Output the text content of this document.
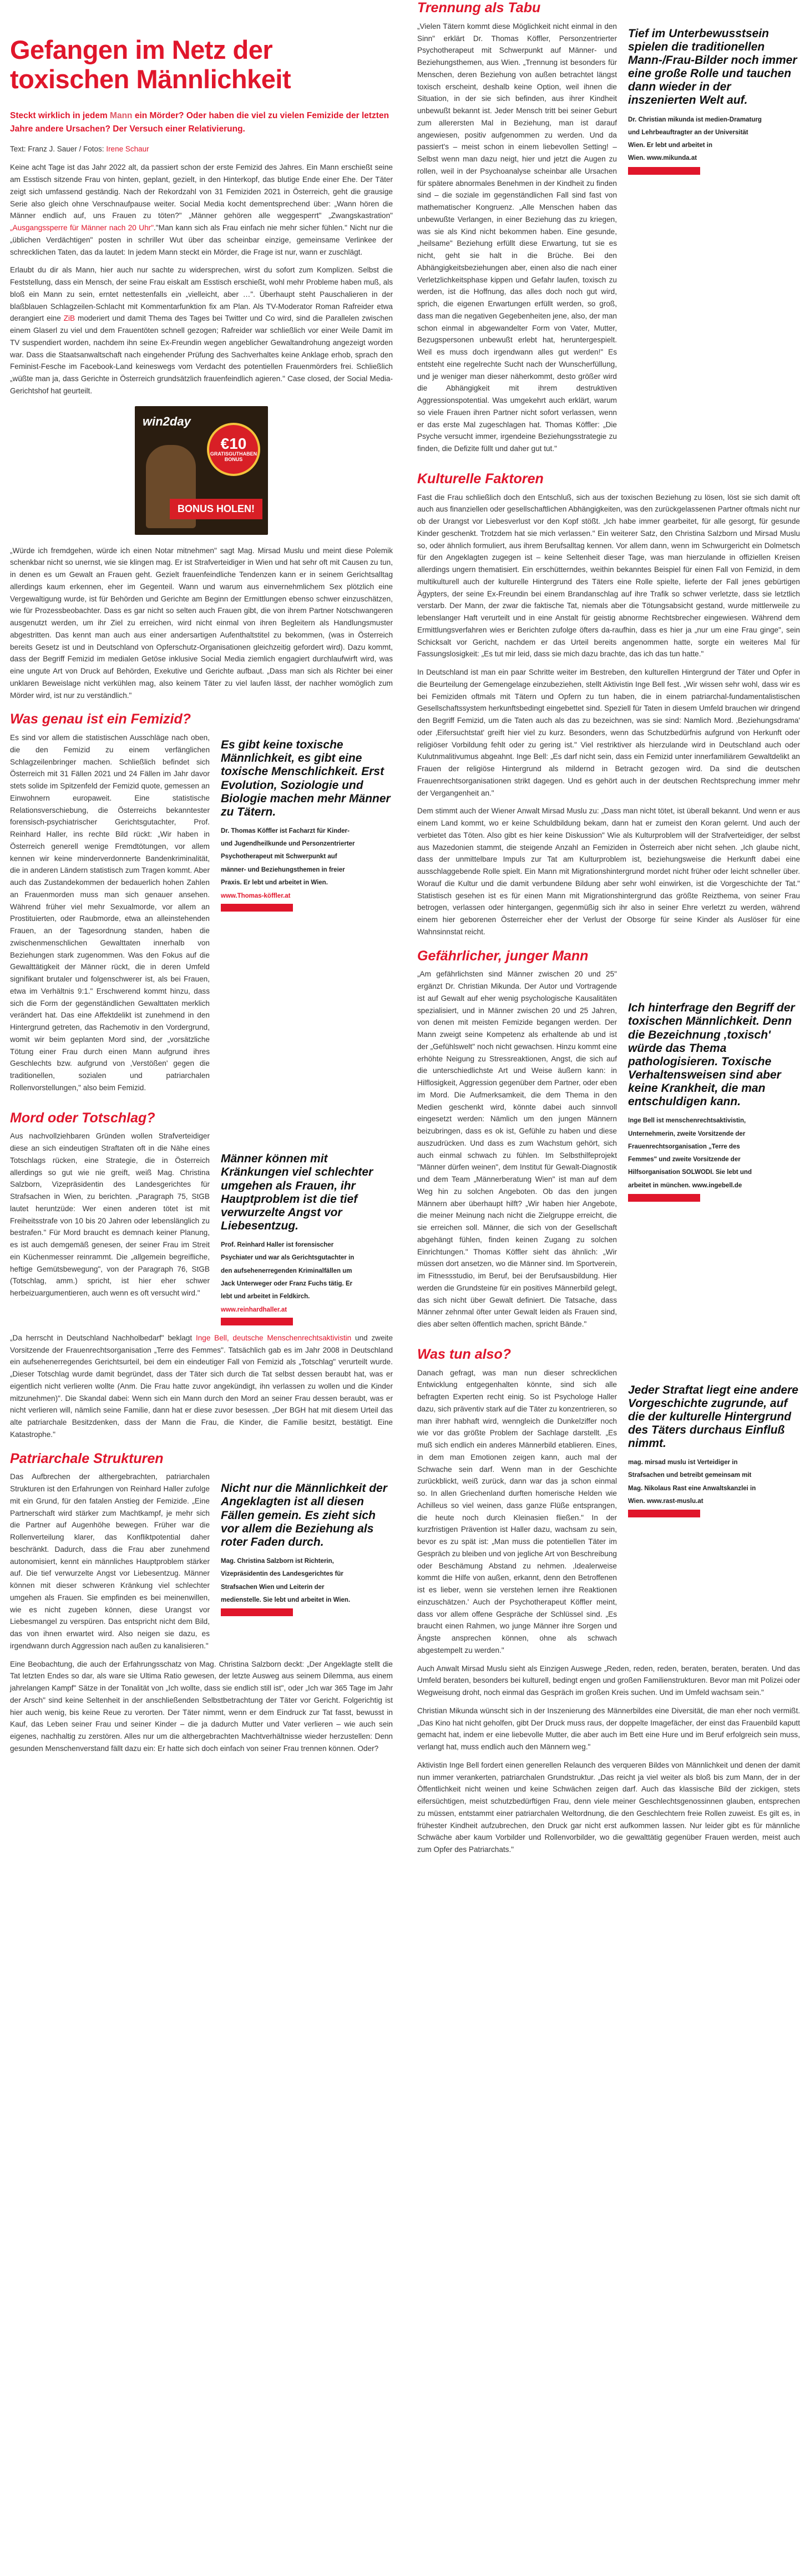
Gefangen im Netz der toxischen Männlichkeit
Steckt wirklich in jedem Mann ein Mörder? Oder haben die viel zu vielen Femizide der letzten Jahre andere Ursachen? Der Versuch einer Relativierung.
Text: Franz J. Sauer / Fotos: Irene Schaur

Keine acht Tage ist das Jahr 2022 alt, da passiert schon der erste Femizid des Jahres. Ein Mann erschießt seine am Esstisch sitzende Frau von hinten, geplant, gezielt, in den Hinterkopf, das blutige Ende einer Ehe. Der Täter zeigt sich umfassend geständig. Nach der Rekordzahl von 31 Femiziden 2021 in Österreich, geht die grausige Serie also gleich ohne Verschnaufpause weiter. Social Media kocht dementsprechend über: „Wann hören die Männer endlich auf, uns Frauen zu töten?" „Männer gehören alle weggesperrt" „Zwangskastration" „Ausgangssperre für Männer nach 20 Uhr"."Man kann sich als Frau einfach nie mehr sicher fühlen." Nicht nur die „üblichen Verdächtigen" posten in schriller Wut über das scheinbar einzige, gemeinsame Verlinkee der schrecklichen Taten, das da lautet: In jedem Mann steckt ein Mörder, die Frage ist nur, wann er zuschlägt.

Erlaubt du dir als Mann, hier auch nur sachte zu widersprechen, wirst du sofort zum Komplizen. Selbst die Feststellung, dass ein Mensch, der seine Frau eiskalt am Esstisch erschießt, wohl mehr Probleme haben muß, als bloß ein Mann zu sein, erntet nettestenfalls ein „vielleicht, aber …". Überhaupt steht Pauschalieren in der blaßblauen Schlagzeilen-Schlacht mit Kommentarfunktion fix am Plan. Als TV-Moderator Roman Rafreider etwa derangiert eine ZiB moderiert und damit Thema des Tages bei Twitter und Co wird, sind die Parallelen zwischen einem Glaserl zu viel und dem Frauentöten schnell gezogen; Rafreider war schließlich vor einer Weile Damit im TV suspendiert worden, nachdem ihn seine Ex-Freundin wegen angeblicher Gewaltandrohung angezeigt worden war. Dass die Staatsanwaltschaft nach eingehender Prüfung des Sachverhaltes keine Anklage erhob, sprach den Feminist-Fesche im Facebook-Land keineswegs vom Verdacht des potentiellen Frauenmörders frei. Schließlich „wüßte man ja, dass Gerichte in Österreich grundsätzlich frauenfeindlich agieren." Case closed, der Social Media-Gerichtshof hat geurteilt.

win2day
€10
GRATISGUTHABEN BONUS
BONUS HOLEN!

„Würde ich fremdgehen, würde ich einen Notar mitnehmen" sagt Mag. Mirsad Muslu und meint diese Polemik schenkbar nicht so unernst, wie sie klingen mag. Er ist Strafverteidiger in Wien und hat sehr oft mit Causen zu tun, in denen es um Gewalt an Frauen geht. Gezielt frauenfeindliche Tendenzen kann er in seinem Gerichtsalltag allerdings kaum erkennen, eher im Gegenteil. Wann und warum aus einvernehmlichem Sex plötzlich eine Vergewaltigung wurde, ist für Behörden und Gerichte am Beginn der Ermittlungen ebenso schwer einzuschätzen, wie für Prozessbeobachter. Dass es gar nicht so selten auch Frauen gibt, die von ihrem Partner Notschwangeren ausgenutzt werden, um ihr Ziel zu erreichen, wird nicht einmal von ihren Begleitern als Handlungsmuster abgestritten. Das kennt man auch aus einer andersartigen Aufenthaltstitel zu bekommen, (was in Österreich bereits Gesetz ist und in Deutschland von Opferschutz-Organisationen gleichzeitig gefordert wird). Dazu kommt, dass der Begriff Femizid im medialen Getöse inklusive Social Media ziemlich engagiert durchlaufwirft wird, was eine ungute Art von Druck auf Behörden, Exekutive und Gerichte aufbaut. „Dass man sich als Richter bei einer unklaren Beweislage nicht verkühlen mag, also keinem Täter zu viel laufen lässt, der nachher womöglich zum Mörder wird, ist nur zu verständlich."

Was genau ist ein Femizid?

Es sind vor allem die statistischen Ausschläge nach oben, die den Femizid zu einem verfänglichen Schlagzeilenbringer machen. Schließlich befindet sich Österreich mit 31 Fällen 2021 und 24 Fällen im Jahr davor stets solide im Spitzenfeld der Femizid quote, gemessen an Einwohnern europaweit. Eine statistische Relationsverschiebung, die Österreichs bekanntester forensisch-psychiatrischer Gerichtsgutachter, Prof. Reinhard Haller, ins rechte Bild rückt: „Wir haben in Österreich generell wenige Fremdtötungen, vor allem kennen wir keine minderverdonnerte Bandenkriminalität, die in anderen Ländern statistisch zum Tragen kommt. Aber auch das Zustandekommen der bedauerlich hohen Zahlen an Frauenmorden muss man sich genauer ansehen. Während früher viel mehr Sexualmorde, vor allem an Prostituierten, oder Raubmorde, etwa an alleinstehenden Frauen, an der Tagesordnung standen, haben die zwischenmenschlichen Gewalttaten innerhalb von Beziehungen stark zugenommen. Was den Fokus auf die Gewalttätigkeit der Männer rückt, die in deren Umfeld signifikant brutaler und folgenschwerer ist, als bei Frauen, etwa im Verhältnis 9:1." Erschwerend kommt hinzu, dass sich die Form der gegenständlichen Gewalttaten merklich verändert hat. Das eine Affektdelikt ist zunehmend in den Hintergrund getreten, das Rachemotiv in den Vordergrund, womit wir beim geplanten Mord sind, der „vorsätzliche Tötung einer Frau durch einen Mann aufgrund ihres Geschlechts bzw. aufgrund von ‚Verstößen' gegen die traditionellen, sozialen und patriarchalen Rollenvorstellungen," also beim Femizid.

Es gibt keine toxische Männlichkeit, es gibt eine toxische Menschlichkeit. Erst Evolution, Soziologie und Biologie machen mehr Männer zu Tätern.
Dr. Thomas Köffler ist Facharzt für Kinder-
und Jugendheilkunde und Personzentrierter
Psychotherapeut mit Schwerpunkt auf
männer- und Beziehungsthemen in freier
Praxis. Er lebt und arbeitet in Wien.
www.Thomas-köffler.at
Mord oder Totschlag?

Aus nachvollziehbaren Gründen wollen Strafverteidiger diese an sich eindeutigen Straftaten oft in die Nähe eines Totschlags rücken, eine Strategie, die in Österreich allerdings so gut wie nie greift, weiß Mag. Christina Salzborn, Vizepräsidentin des Landesgerichtes für Strafsachen in Wien, zu berichten. „Paragraph 75, StGB lautet heruntzüde: Wer einen anderen tötet ist mit Freiheitsstrafe von 10 bis 20 Jahren oder lebenslänglich zu bestrafen." Für Mord braucht es demnach keiner Planung, es ist auch demgemäß genesen, der seiner Frau im Streit ein Küchenmesser reinrammt. Die „allgemein begreifliche, heftige Gemütsbewegung", von der Paragraph 76, StGB (Totschlag, amm.) spricht, ist hier eher schwer herbeizuargumentieren, auch wenn es oft versucht wird."

Männer können mit Kränkungen viel schlechter umgehen als Frauen, ihr Hauptproblem ist die tief verwurzelte Angst vor Liebesentzug.
Prof. Reinhard Haller ist forensischer
Psychiater und war als Gerichtsgutachter in
den aufsehenerregenden Kriminalfällen um
Jack Unterweger oder Franz Fuchs tätig. Er
lebt und arbeitet in Feldkirch.
www.reinhardhaller.at

„Da herrscht in Deutschland Nachholbedarf" beklagt Inge Bell, deutsche Menschenrechtsaktivistin und zweite Vorsitzende der Frauenrechtsorganisation „Terre des Femmes". Tatsächlich gab es im Jahr 2008 in Deutschland ein aufsehenerregendes Gerichtsurteil, bei dem ein eindeutiger Fall von Femizid als „Totschlag" verurteilt wurde. „Dieser Totschlag wurde damit begründet, dass der Täter sich durch die Tat selbst dessen beraubt hat, was er eigentlich nicht verlieren wollte (Anm. Die Frau hatte zuvor angekündigt, ihn verlassen zu wollen und die Kinder mitzunehmen)". Die Skandal dabei: Wenn sich ein Mann durch den Mord an seiner Frau dessen beraubt, was er nicht verlieren will, nämlich seine Familie, dann hat er diese zuvor besessen. „Der BGH hat mit diesem Urteil das alte patriarchale Besitzdenken, dass der Mann die Frau, die Kinder, die Familie besitzt, bestätigt. Eine Katastrophe."

Patriarchale Strukturen

Das Aufbrechen der althergebrachten, patriarchalen Strukturen ist den Erfahrungen von Reinhard Haller zufolge mit ein Grund, für den fatalen Anstieg der Femizide. „Eine Partnerschaft wird stärker zum Machtkampf, je mehr sich die Partner auf Augenhöhe bewegen. Früher war die Rollenverteilung klarer, das Konfliktpotential daher beschränkt. Dadurch, dass die Frau aber zunehmend autonomisiert, kennt ein männliches Hauptproblem stärker auf. Die tief verwurzelte Angst vor Liebesentzug. Männer können mit dieser schweren Kränkung viel schlechter umgehen als Frauen. Sie empfinden es bei meinenwillen, wie es nicht zugeben können, diese Urangst vor Liebesmangel zu verspüren. Das entspricht nicht dem Bild, das von ihnen erwartet wird. Also neigen sie dazu, es irgendwann durch Aggression nach außen zu kanalisieren."

Nicht nur die Männlichkeit der Angeklagten ist all diesen Fällen gemein. Es zieht sich vor allem die Beziehung als roter Faden durch.
Mag. Christina Salzborn ist Richterin,
Vizepräsidentin des Landesgerichtes für
Strafsachen Wien und Leiterin der
medienstelle. Sie lebt und arbeitet in Wien.

Eine Beobachtung, die auch der Erfahrungsschatz von Mag. Christina Salzborn deckt: „Der Angeklagte stellt die Tat letzten Endes so dar, als ware sie Ultima Ratio gewesen, der letzte Ausweg aus seinem Dilemma, aus einem jahrelangen Kampf" Sätze in der Tonalität von „Ich wollte, dass sie endlich still ist", oder „Ich war 365 Tage im Jahr der Arsch" sind keine Seltenheit in der anschließenden Selbstbetrachtung der Täter vor Gericht. Folgerichtig ist hier auch wenig, bis keine Reue zu verorten. Der Täter nimmt, wenn er dem Eindruck zur Tat fasst, bewusst in Kauf, das Leben seiner Frau und seiner Kinder – die ja dadurch Mutter und Vater verlieren – wie auch sein eigenes, nachhaltig zu zerstören. Alles nur um die althergebrachten Machtverhältnisse wieder herzustellen: Denn gesunden Menschenverstand fällt dazu ein: Er hatte sich doch einfach von seiner Frau trennen können. Oder?

Trennung als Tabu

„Vielen Tätern kommt diese Möglichkeit nicht einmal in den Sinn" erklärt Dr. Thomas Köffler, Personzentrierter Psychotherapeut mit Schwerpunkt auf Männer- und Beziehungsthemen, aus Wien. „Trennung ist besonders für Menschen, deren Beziehung von außen betrachtet längst toxisch erscheint, deshalb keine Option, weil ihnen die Situation, in der sie sich befinden, aus ihrer Kindheit unbewußt bekannt ist. Jeder Mensch tritt bei seiner Geburt zum allerersten Mal in Beziehung, man ist darauf angewiesen, positiv aufgenommen zu werden. Und da passiert's – meist schon in einem liebevollen Setting! – Selbst wenn man dazu neigt, hier und jetzt die Augen zu rollen, weil in der Psychoanalyse scheinbar alle Ursachen für spätere abnormales Benehmen in der Kindheit zu finden sind – die soziale im gegenständlichen Fall sind fast von mathematischer Kongruenz. „Alle Menschen haben das unbewußte Verlangen, in einer Beziehung das zu kriegen, was sie als Kind nicht bekommen haben. Eine gesunde, „heilsame" Beziehung erfüllt diese Erwartung, tut sie es nicht, geht sie halt in die Brüche. Bei den Abhängigkeitsbeziehungen aber, einen also die nach einer Verletzlichkeitsphase kippen und Gefahr laufen, toxisch zu werden, ist die Hoffnung, das alles doch noch gut wird, sprich, die eigenen Erwartungen erfüllt werden, so groß, dass man die negativen Gegebenheiten jene, also, der man schon einmal in abgewandelter Form von Vater, Mutter, Bezugspersonen unbewußt erlebt hat, heruntergespielt. Weil es muss doch irgendwann alles gut werden!" Es entsteht eine regelrechte Sucht nach der Wunscherfüllung, und je weniger man dieser näherkommt, desto größer wird die Abhängigkeit mit ihrem destruktiven Aggressionspotential. Was umgekehrt auch erklärt, warum so viele Frauen ihren Partner nicht sofort verlassen, wenn er das erste Mal zugeschlagen hat. Thomas Köffler: „Die Psyche versucht immer, irgendeine Beziehungsstrategie zu finden, die Defizite füllt und daher gut tut."

Tief im Unterbewusstsein spielen die traditionellen Mann-/Frau-Bilder noch immer eine große Rolle und tauchen dann wieder in der inszenierten Welt auf.
Dr. Christian mikunda ist medien-Dramaturg
und Lehrbeauftragter an der Universität
Wien. Er lebt und arbeitet in
Wien. www.mikunda.at
Kulturelle Faktoren

Fast die Frau schließlich doch den Entschluß, sich aus der toxischen Beziehung zu lösen, löst sie sich damit oft auch aus finanziellen oder gesellschaftlichen Abhängigkeiten, was den zurückgelassenen Partner oftmals nicht nur ob der Urangst vor Liebesverlust vor den Kopf stößt. „Ich habe immer gearbeitet, für alle gesorgt, für gesunde Kinder geschenkt. Trotzdem hat sie mich verlassen." Ein weiterer Satz, den Christina Salzborn und Mirsad Muslu so, oder ähnlich formuliert, aus ihrem Berufsalltag kennen. Vor allem dann, wenn im Schwurgericht ein Dolmetsch für den Angeklagten zugegen ist – keine Seltenheit dieser Tage, was man hierzulande in offiziellen Kreisen allerdings ungern thematisiert. Ein erschütterndes, weithin bekanntes Beispiel für einen Fall von Femizid, in dem multikulturell auch der kulturelle Hintergrund des Täters eine Rolle spielte, lieferte der Fall jenes gebürtigen Ägypters, der seine Ex-Freundin bei einem Brandanschlag auf ihre Trafik so schwer verletzte, dass sie letztlich verstarb. Der Mann, der zwar die faktische Tat, niemals aber die Tötungsabsicht gestand, wurde mittlerweile zu lebenslanger Haft verurteilt und in eine Anstalt für geistig abnorme Rechtsbrecher eingewiesen. Während dem Ermittlungsverfahren wies er Berichten zufolge öfters da-raufhin, dass es hier ja „nur um eine Frau ginge", sein Schicksalt vor Gericht, nachdem er das Urteil bereits angenommen hatte, sorgte ein weiteres Mal für Fassungslosigkeit: „Es tut mir leid, dass sie mich dazu brachte, das ich das tun hatte."

In Deutschland ist man ein paar Schritte weiter im Bestreben, den kulturellen Hintergrund der Täter und Opfer in die Beurteilung der Gemengelage einzubeziehen, stellt Aktivistin Inge Bell fest. „Wir wissen sehr wohl, dass wir es bei Femiziden oftmals mit Tätern und Opfern zu tun haben, die in einem patriarchal-fundamentalistischen Gesellschaftssystem herkunftsbedingt eingebettet sind. Speziell für Taten in diesem Umfeld brauchen wir dringend den Begriff Femizid, um die Taten auch als das zu bezeichnen, was sie sind: Namlich Mord. ‚Beziehungsdrama' oder ‚Eifersuchtstat' greift hier viel zu kurz. Besonders, wenn das Schutzbedürfnis aufgrund von Herkunft oder religiöser Vorbildung fehlt oder zu gering ist." Viel restriktiver als hierzulande wird in Deutschland auch oder Kulutnmalitivumus abgeahnt. Inge Bell: „Es darf nicht sein, dass ein Femizid unter innerfamiliärem Gewaltdelikt an Frauen der religiöse Hintergrund als mildernd in Betracht gezogen wird. Da sind die deutschen Frauenrechtsorganisationen strikt dagegen. Und es gehört auch in der deutschen Rechtsprechung immer mehr der Vergangenheit an."

Dem stimmt auch der Wiener Anwalt Mirsad Muslu zu: „Dass man nicht tötet, ist überall bekannt. Und wenn er aus einem Land kommt, wo er keine Schuldbildung bekam, dann hat er zumeist den Koran gelernt. Und auch der verbietet das Töten. Also gibt es hier keine Diskussion" Wie als Kulturproblem will der Strafverteidiger, der selbst aus Mazedonien stammt, die steigende Anzahl an Femiziden in Österreich aber nicht sehen. „Ich glaube nicht, dass der unmittelbare Impuls zur Tat am Kulturproblem ist, beziehungsweise die Herkunft dabei eine ausschlaggebende Rolle spielt. Ein Mann mit Migrationshintergrund mordet nicht früher oder leicht schneller über. Worauf die Kultur und die damit verbundene Bildung aber sehr wohl einwirken, ist die Vorgeschichte der Tat." Statistisch gesehen ist es für einen Mann mit Migrationshintergrund das größte Reizthema, von seiner Frau betrogen, verlassen oder hintergangen, gegenmüßig sich ihr also in seiner Ehre verletzt zu werden, während einem hier geborenen Österreicher eher der Verlust der Obsorge für seine Kinder als Auslöser für eine Wahnsinnstat reicht.

Gefährlicher, junger Mann

„Am gefährlichsten sind Männer zwischen 20 und 25" ergänzt Dr. Christian Mikunda. Der Autor und Vortragende ist auf Gewalt auf eher wenig psychologische Kausalitäten spezialisiert, und in Männer zwischen 20 und 25 Jahren, von denen mit meisten Femizide begangen werden. Der Mann zweigt seine Kompetenz als erhaltende ab und ist der „Gefühlswelt" noch nicht gewachsen. Hinzu kommt eine erhöhte Neigung zu Stressreaktionen, Angst, die sich auf die unterschiedlichste Art und Weise äußern kann: in Hilflosigkeit, Aggression gegenüber dem Partner, oder eben im Mord. Die Aufmerksamkeit, die dem Thema in den Medien geschenkt wird, könnte dabei auch sinnvoll eingesetzt werden: Nämlich um den jungen Männern beizubringen, dass es ok ist, Gefühle zu haben und diese auszudrücken. Und dass es zum Wachstum gehört, sich auch einmal schwach zu fühlen. Im Selbsthilfeprojekt "Männer dürfen weinen", dem Institut für Gewalt-Diagnostik und dem Team „Männerberatung Wien" ist man auf dem Weg hin zu solchen Angeboten. Ob das den jungen Männern aber überhaupt hilft? „Wir haben hier Angebote, die meiner Meinung nach nicht die Zielgruppe erreicht, die sie erreichen soll. Männer, die sich von der Gesellschaft abgehängt fühlen, finden keinen Zugang zu solchen Einrichtungen." Thomas Köffler sieht das ähnlich: „Wir müssen dort ansetzen, wo die Männer sind. Im Sportverein, im Fitnessstudio, im Beruf, bei der Berufsausbildung. Hier werden die Grundsteine für ein positives Männerbild gelegt, das sich nicht über Gewalt definiert. Die Tatsache, dass Männer zehnmal öfter unter Gewalt leiden als Frauen sind, dies aber selten öffentlich machen, spricht Bände."

Ich hinterfrage den Begriff der toxischen Männlichkeit. Denn die Bezeichnung ‚toxisch' würde das Thema pathologisieren. Toxische Verhaltensweisen sind aber keine Krankheit, die man entschuldigen kann.
Inge Bell ist menschenrechtsaktivistin,
Unternehmerin, zweite Vorsitzende der
Frauenrechtsorganisation „Terre des
Femmes" und zweite Vorsitzende der
Hilfsorganisation SOLWODI. Sie lebt und
arbeitet in münchen. www.ingebell.de
Was tun also?

Danach gefragt, was man nun dieser schrecklichen Entwicklung entgegenhalten könnte, sind sich alle befragten Experten recht einig. So ist Psychologe Haller dazu, sich präventiv stark auf die Täter zu konzentrieren, so man ihrer habhaft wird, wenngleich die Dunkelziffer noch wie vor das größte Problem der Sachlage darstellt. „Es muß sich endlich ein anderes Männerbild etablieren. Eines, in dem man Emotionen zeigen kann, auch mal der Schwache sein darf. Wenn man in der Geschichte zurückblickt, weiß zurück, dann war das ja schon einmal so. In allen Griechenland durften homerische Helden wie Achilleus so viel weinen, dass ganze Flüße entsprangen, die heute noch durch Kleinasien fließen." In der kurzfristigen Prävention ist Haller dazu, wachsam zu sein, bevor es zu spät ist: „Man muss die potentiellen Täter im Gespräch zu bleiben und von jegliche Art von Beschreibung oder Beschämung Abstand zu nehmen. ‚Idealerweise kommt die Hilfe von außen, erkannt, denn den Betroffenen ist es lieber, wenn sie verstehen lernen ihre Reaktionen einzuschätzen.' Auch der Psychotherapeut Köffler meint, dass vor allem offene Gespräche der Schlüssel sind. „Es braucht einen Rahmen, wo junge Männer ihre Sorgen und Ängste ansprechen können, ohne als schwach abgestempelt zu werden."

Jeder Straftat liegt eine andere Vorgeschichte zugrunde, auf die der kulturelle Hintergrund des Täters durchaus Einfluß nimmt.
mag. mirsad muslu ist Verteidiger in
Strafsachen und betreibt gemeinsam mit
Mag. Nikolaus Rast eine Anwaltskanzlei in
Wien. www.rast-muslu.at

Auch Anwalt Mirsad Muslu sieht als Einzigen Auswege „Reden, reden, reden, beraten, beraten, beraten. Und das Umfeld beraten, besonders bei kulturell, bedingt engen und großen Familienstrukturen. Bevor man mit Polizei oder Wegweisung droht, noch einmal das Gespräch im großen Kreis suchen. Und im Umfeld wachsam sein."

Christian Mikunda wünscht sich in der Inszenierung des Männerbildes eine Diversität, die man eher noch vermißt. „Das Kino hat nicht geholfen, gibt Der Druck muss raus, der doppelte Imagefächer, der einst das Frauenbild kaputt gemacht hat, indem er eine liebevolle Mutter, die aber auch im Bett eine Hure und im Beruf erfolgreich sein muss, verlangt hat, muss endlich auch den Männern weg."

Aktivistin Inge Bell fordert einen generellen Relaunch des verqueren Bildes von Männlichkeit und denen der damit nun immer verankerten, patriarchalen Grundstruktur. „Das reicht ja viel weiter als bloß bis zum Mann, der in der Öffentlichkeit nicht weinen und keine Schwächen zeigen darf. Auch das klassische Bild der zickigen, stets eifersüchtigen, meist schutzbedürftigen Frau, denn viele meiner Geschlechtsgenossinnen glauben, entsprechen zu müssen, entstammt einer patriarchalen Weltordnung, die den Geschlechtern freie Rollen zuweist. Es gilt es, in frühester Kindheit aufzubrechen, den Druck gar nicht erst aufkommen lassen. Nur leider gibt es für männliche Schwäche aber kaum Vorbilder und Rollenvorbilder, wo die gewalttätig gegenüber Frauen werden, meist auch zum Opfer des Patriarchats."
